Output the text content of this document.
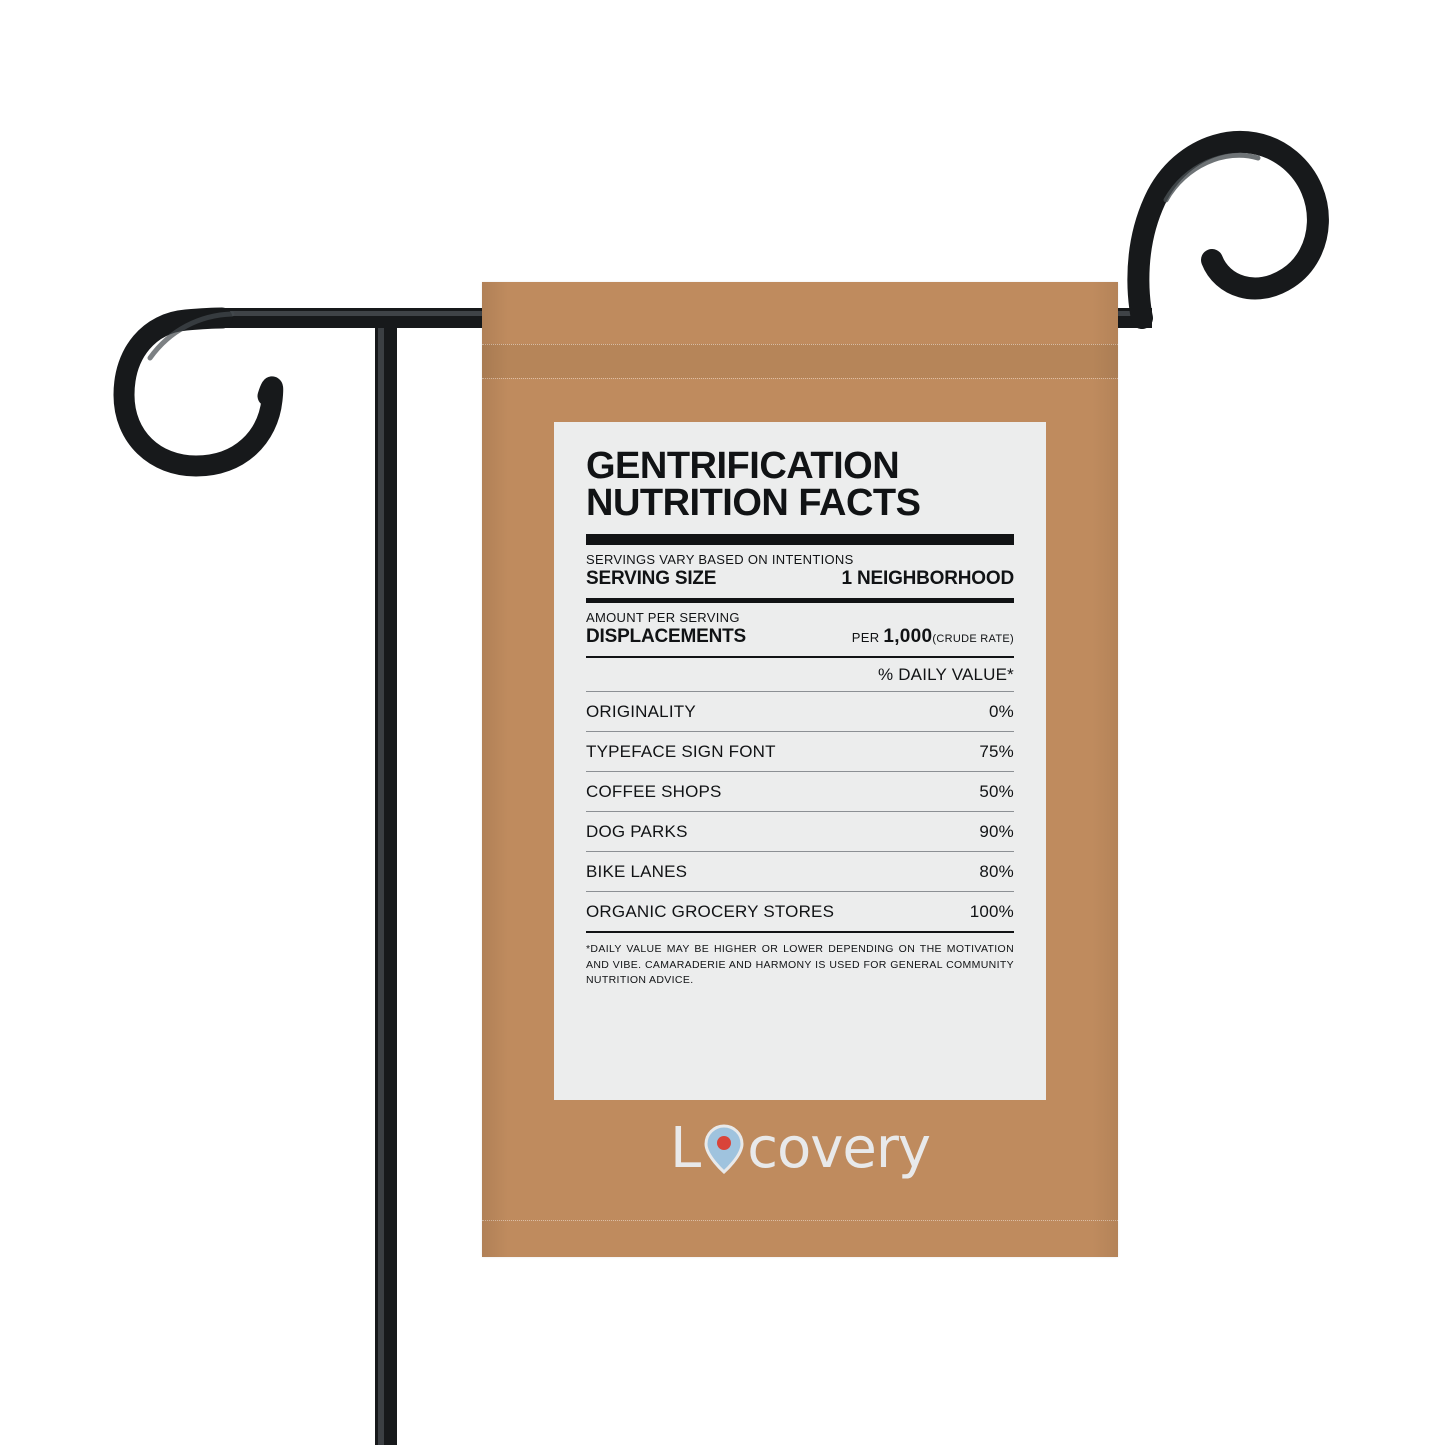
GENTRIFICATION
NUTRITION FACTS
SERVINGS VARY BASED ON INTENTIONS
SERVING SIZE	1 NEIGHBORHOOD
AMOUNT PER SERVING
DISPLACEMENTS	PER 1,000(CRUDE RATE)
% DAILY VALUE*
ORIGINALITY	0%
TYPEFACE SIGN FONT	75%
COFFEE SHOPS	50%
DOG PARKS	90%
BIKE LANES	80%
ORGANIC GROCERY STORES	100%
*DAILY VALUE MAY BE HIGHER OR LOWER DEPENDING ON THE MOTIVATION AND VIBE. CAMARADERIE AND HARMONY IS USED FOR GENERAL COMMUNITY NUTRITION ADVICE.
L covery
